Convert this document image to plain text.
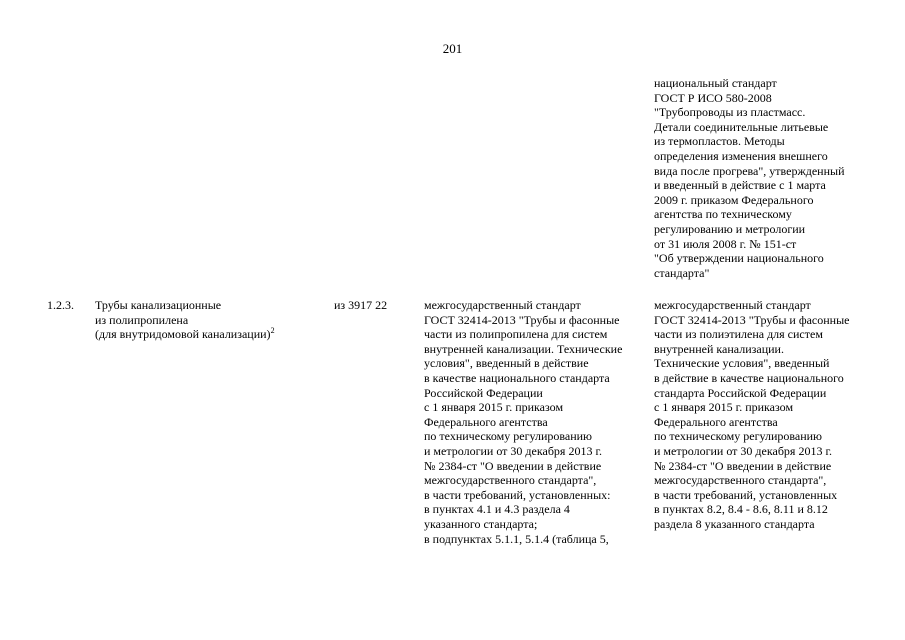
201
национальный стандарт
ГОСТ Р ИСО 580-2008
"Трубопроводы из пластмасс.
Детали соединительные литьевые
из термопластов. Методы
определения изменения внешнего
вида после прогрева", утвержденный
и введенный в действие с 1 марта
2009 г. приказом Федерального
агентства по техническому
регулированию и метрологии
от 31 июля 2008 г. № 151-ст
"Об утверждении национального
стандарта"
1.2.3. Трубы канализационные
из полипропилена
(для внутридомовой канализации)$^2$
из 3917 22	межгосударственный стандарт
ГОСТ 32414-2013 "Трубы и фасонные
части из полипропилена для систем
внутренней канализации. Технические
условия", введенный в действие
в качестве национального стандарта
Российской Федерации
с 1 января 2015 г. приказом
Федерального агентства
по техническому регулированию
и метрологии от 30 декабря 2013 г.
№ 2384-ст "О введении в действие
межгосударственного стандарта",
в части требований, установленных:
в пунктах 4.1 и 4.3 раздела 4
указанного стандарта;
в подпунктах 5.1.1, 5.1.4 (таблица 5,
межгосударственный стандарт
ГОСТ 32414-2013 "Трубы и фасонные
части из полиэтилена для систем
внутренней канализации.
Технические условия", введенный
в действие в качестве национального
стандарта Российской Федерации
с 1 января 2015 г. приказом
Федерального агентства
по техническому регулированию
и метрологии от 30 декабря 2013 г.
№ 2384-ст "О введении в действие
межгосударственного стандарта",
в части требований, установленных
в пунктах 8.2, 8.4 - 8.6, 8.11 и 8.12
раздела 8 указанного стандарта
